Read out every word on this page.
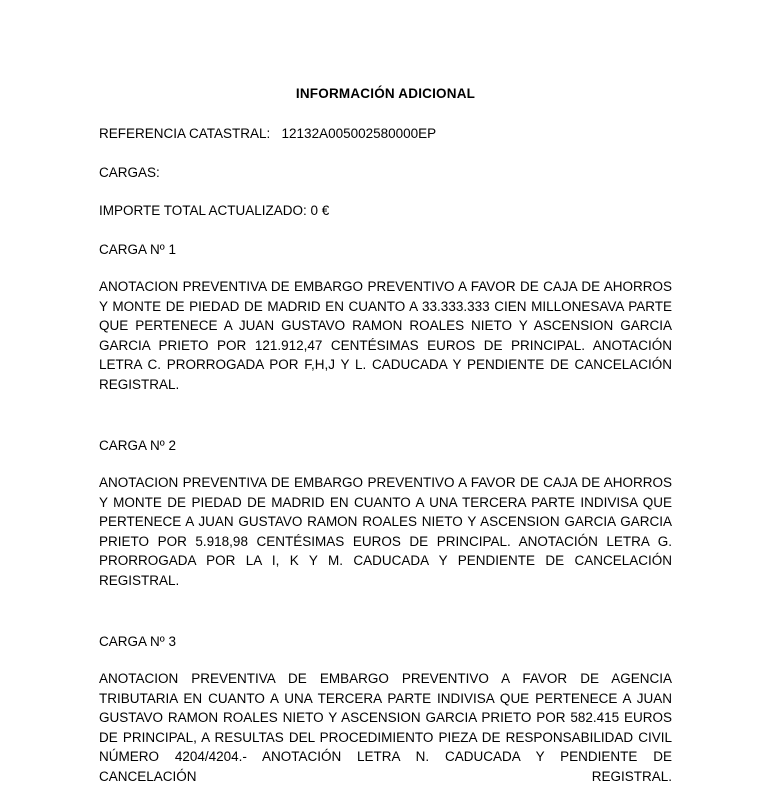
INFORMACIÓN ADICIONAL

REFERENCIA CATASTRAL:   12132A005002580000EP

CARGAS:

IMPORTE TOTAL ACTUALIZADO: 0 €

CARGA Nº 1

ANOTACION PREVENTIVA DE EMBARGO PREVENTIVO A FAVOR DE CAJA DE AHORROS Y MONTE DE PIEDAD DE MADRID EN CUANTO A 33.333.333 CIEN MILLONESAVA PARTE QUE PERTENECE A JUAN GUSTAVO RAMON ROALES NIETO Y ASCENSION GARCIA GARCIA PRIETO POR 121.912,47 CENTÉSIMAS EUROS DE PRINCIPAL. ANOTACIÓN LETRA C. PRORROGADA POR F,H,J Y L. CADUCADA Y PENDIENTE DE CANCELACIÓN REGISTRAL.

CARGA Nº 2

ANOTACION PREVENTIVA DE EMBARGO PREVENTIVO A FAVOR DE CAJA DE AHORROS Y MONTE DE PIEDAD DE MADRID EN CUANTO A UNA TERCERA PARTE INDIVISA QUE PERTENECE A JUAN GUSTAVO RAMON ROALES NIETO Y ASCENSION GARCIA GARCIA PRIETO POR 5.918,98 CENTÉSIMAS EUROS DE PRINCIPAL. ANOTACIÓN LETRA G. PRORROGADA POR LA I, K Y M. CADUCADA Y PENDIENTE DE CANCELACIÓN REGISTRAL.

CARGA Nº 3

ANOTACION PREVENTIVA DE EMBARGO PREVENTIVO A FAVOR DE AGENCIA TRIBUTARIA EN CUANTO A UNA TERCERA PARTE INDIVISA QUE PERTENECE A JUAN GUSTAVO RAMON ROALES NIETO Y ASCENSION GARCIA PRIETO POR 582.415 EUROS DE PRINCIPAL, A RESULTAS DEL PROCEDIMIENTO PIEZA DE RESPONSABILIDAD CIVIL NÚMERO 4204/4204.- ANOTACIÓN LETRA N. CADUCADA Y PENDIENTE DE CANCELACIÓN REGISTRAL.
